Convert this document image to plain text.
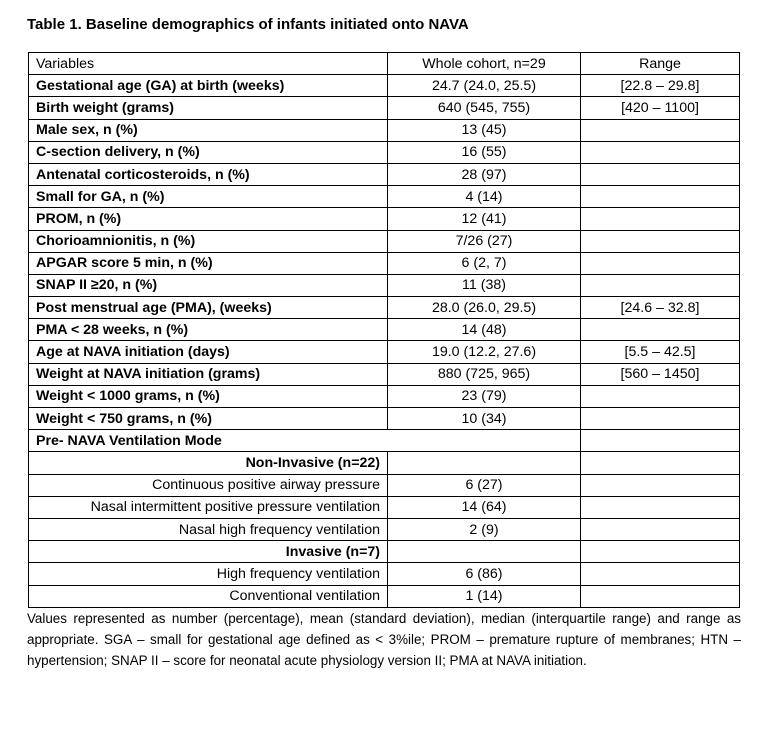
Table 1. Baseline demographics of infants initiated onto NAVA
Variables	Whole cohort, n=29	Range
Gestational age (GA) at birth (weeks)	24.7 (24.0, 25.5)	[22.8 – 29.8]
Birth weight (grams)	640 (545, 755)	[420 – 1100]
Male sex, n (%)	13 (45)	
C-section delivery, n (%)	16 (55)	
Antenatal corticosteroids, n (%)	28 (97)	
Small for GA, n (%)	4 (14)	
PROM, n (%)	12 (41)	
Chorioamnionitis, n (%)	7/26 (27)	
APGAR score 5 min, n (%)	6 (2, 7)	
SNAP II ≥20, n (%)	11 (38)	
Post menstrual age (PMA), (weeks)	28.0 (26.0, 29.5)	[24.6 – 32.8]
PMA < 28 weeks, n (%)	14 (48)	
Age at NAVA initiation (days)	19.0 (12.2, 27.6)	[5.5 – 42.5]
Weight at NAVA initiation (grams)	880 (725, 965)	[560 – 1450]
Weight < 1000 grams, n (%)	23 (79)	
Weight < 750 grams, n (%)	10 (34)	
Pre- NAVA Ventilation Mode		
Non-Invasive (n=22)		
Continuous positive airway pressure	6 (27)	
Nasal intermittent positive pressure ventilation	14 (64)	
Nasal high frequency ventilation	2 (9)	
Invasive (n=7)		
High frequency ventilation	6 (86)	
Conventional ventilation	1 (14)	
Values represented as number (percentage), mean (standard deviation), median (interquartile range) and range as appropriate. SGA – small for gestational age defined as < 3%ile; PROM – premature rupture of membranes; HTN – hypertension; SNAP II – score for neonatal acute physiology version II; PMA at NAVA initiation.
